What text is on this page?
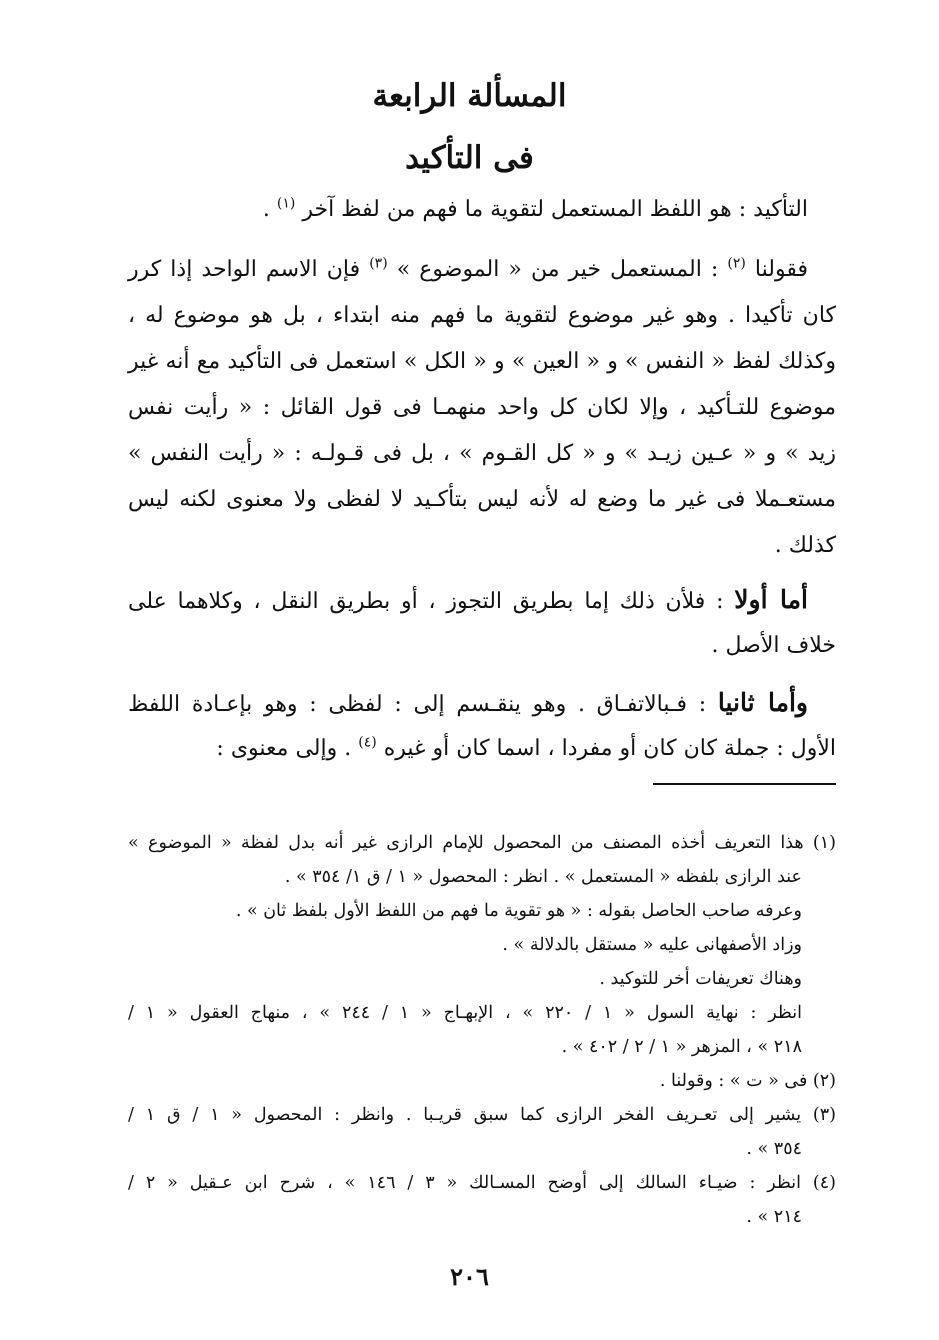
المسألة الرابعة
فى التأكيد
التأكيد : هو اللفظ المستعمل لتقوية ما فهم من لفظ آخر $^{(١)}$ .
فقولنا $^{(٢)}$ : المستعمل خير من « الموضوع » $^{(٣)}$ فإن الاسم الواحد إذا كرر
كان تأكيدا . وهو غير موضوع لتقوية ما فهم منه ابتداء ، بل هو موضوع له ،
وكذلك لفظ « النفس » و « العين » و « الكل » استعمل فى التأكيد مع أنه غير
موضوع للتـأكيد ، وإلا لكان كل واحد منهمـا فى قول القائل : « رأيت نفس
زيد » و « عـين زيـد » و « كل القـوم » ، بل فى قـولـه : « رأيت النفس »
مستعـملا فى غير ما وضع له لأنه ليس بتأكـيد لا لفظى ولا معنوى لكنه ليس
كذلك .
أما أولا : فلأن ذلك إما بطريق التجوز ، أو بطريق النقل ، وكلاهما على
خلاف الأصل .
وأما ثانيا : فـبالاتفـاق . وهو ينقـسم إلى : لفظى : وهو بإعـادة اللفظ
الأول : جملة كان كان أو مفردا ، اسما كان أو غيره $^{(٤)}$ . وإلى معنوى :
(١) هذا التعريف أخذه المصنف من المحصول للإمام الرازى غير أنه بدل لفظة « الموضوع »
عند الرازى بلفظه « المستعمل » . انظر : المحصول « ١ / ق ١/ ٣٥٤ » .
وعرفه صاحب الحاصل بقوله : « هو تقوية ما فهم من اللفظ الأول بلفظ ثان » .
وزاد الأصفهانى عليه « مستقل بالدلالة » .
وهناك تعريفات أخر للتوكيد .
انظر : نهاية السول « ١ / ٢٢٠ » ، الإبهـاج « ١ / ٢٤٤ » ، منهاج العقول « ١ /
٢١٨ » ، المزهر « ١ / ٢ / ٤٠٢ » .
(٢) فى « ت » : وقولنا .
(٣) يشير إلى تعـريف الفخر الرازى كما سبق قريـبا . وانظر : المحصول « ١ / ق ١ /
٣٥٤ » .
(٤) انظر : ضيـاء السالك إلى أوضح المسـالك « ٣ / ١٤٦ » ، شرح ابن عـقيل « ٢ /
٢١٤ » .
٢٠٦
